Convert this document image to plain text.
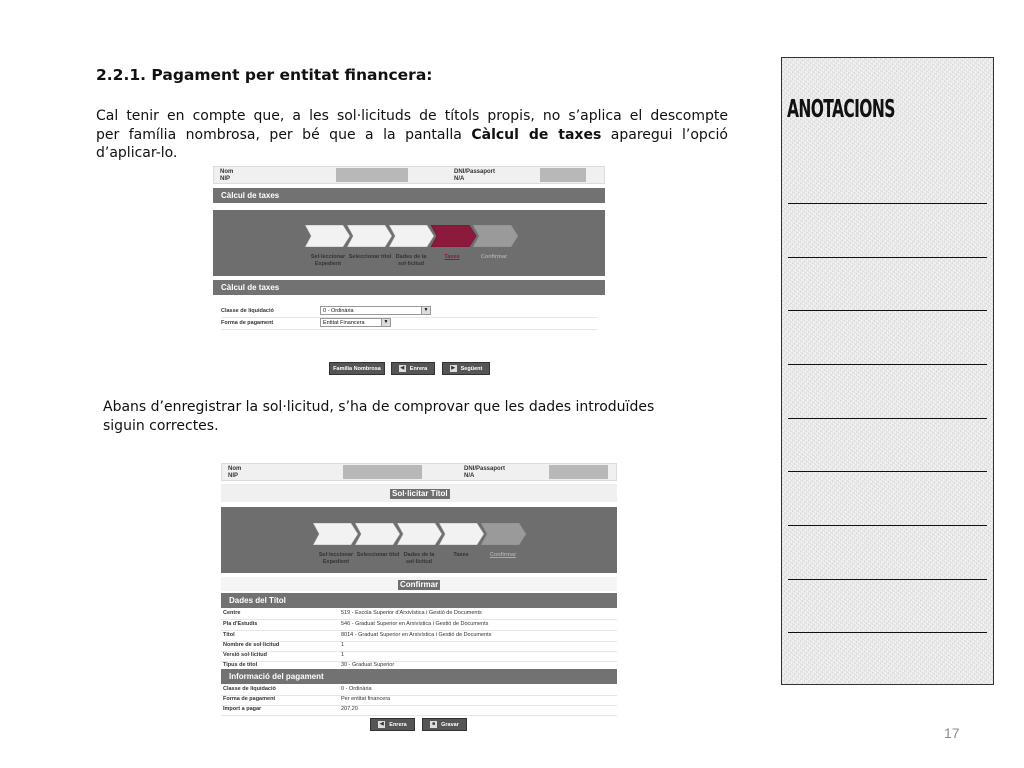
2.2.1. Pagament per entitat financera:
Cal tenir en compte que, a les sol·licituds de títols propis, no s’aplica el descompte
per família nombrosa, per bé que a la pantalla Càlcul de taxes aparegui l’opció
d’aplicar-lo.
Nom
NIP
DNI/Passaport
N/A
Càlcul de taxes
Sel·leccionar Expedient
Seleccionar títol Dades de la sol·licitud
Taxes	Confirmar
Càlcul de taxes
Classe de liquidació	0 - Ordinària	▼
Forma de pagament	Entitat Financera	▼
Família Nombrosa	◀ Enrera	▶ Següent
Abans d’enregistrar la sol·licitud, s’ha de comprovar que les dades introduïdes
siguin correctes.
Nom
NIP
DNI/Passaport
N/A
Sol·licitar Títol
Sel·leccionar Expedient
Seleccionar títol Dades de la sol·licitud
Taxes	Confirmar
Confirmar
Dades del Títol
Centre	519 - Escola Superior d'Arxivística i Gestió de Documents
Pla d'Estudis	546 - Graduat Superior en Arxivística i Gestió de Documents
Títol	8014 - Graduat Superior en Arxivística i Gestió de Documents
Nombre de sol·licitud	1
Versió sol·licitud	1
Tipus de títol	30 - Graduat Superior
Informació del pagament
Classe de liquidació	0 - Ordinària
Forma de pagament	Per entitat financera
Import a pagar	207,20
◀ Enrera	■ Gravar
ANOTACIONS
17
